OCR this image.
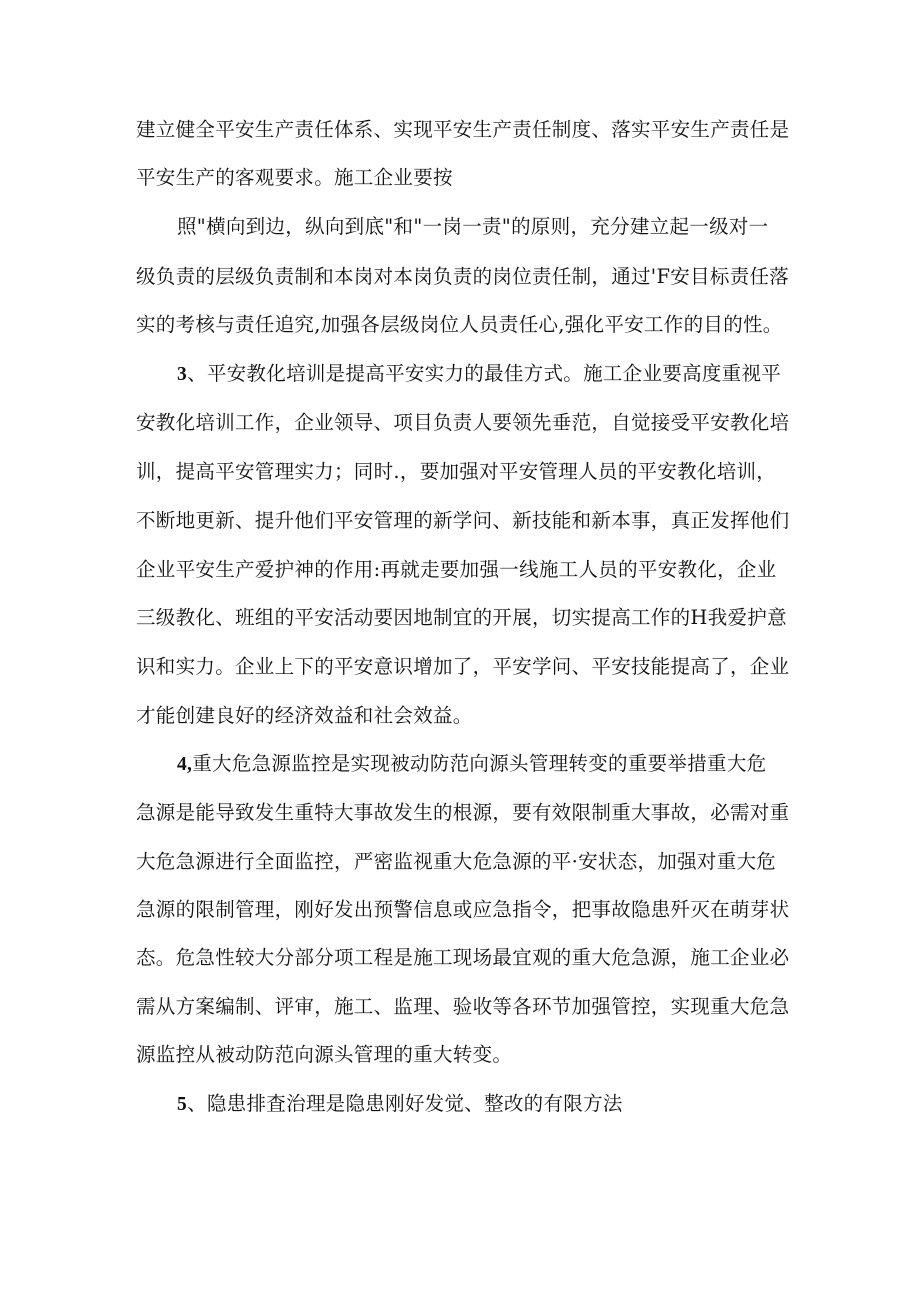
建立健全平安生产责任体系、实现平安生产责任制度、落实平安生产责任是
平安生产的客观要求。施工企业要按
照"横向到边，纵向到底"和"一岗一责"的原则，充分建立起一级对一
级负责的层级负责制和本岗对本岗负责的岗位责任制，通过'F安目标责任落
实的考核与责任追究,加强各层级岗位人员责任心,强化平安工作的目的性。
3、平安教化培训是提高平安实力的最佳方式。施工企业要高度重视平
安教化培训工作，企业领导、项目负责人要领先垂范，自觉接受平安教化培
训，提高平安管理实力；同时.，要加强对平安管理人员的平安教化培训，
不断地更新、提升他们平安管理的新学问、新技能和新本事，真正发挥他们
企业平安生产爱护神的作用:再就走要加强一线施工人员的平安教化，企业
三级教化、班组的平安活动要因地制宜的开展，切实提高工作的H我爱护意
识和实力。企业上下的平安意识增加了，平安学问、平安技能提高了，企业
才能创建良好的经济效益和社会效益。
4,重大危急源监控是实现被动防范向源头管理转变的重要举措重大危
急源是能导致发生重特大事故发生的根源，要有效限制重大事故，必需对重
大危急源进行全面监控，严密监视重大危急源的平·安状态，加强对重大危
急源的限制管理，刚好发出预警信息或应急指令，把事故隐患歼灭在萌芽状
态。危急性较大分部分项工程是施工现场最宜观的重大危急源，施工企业必
需从方案编制、评审，施工、监理、验收等各环节加强管控，实现重大危急
源监控从被动防范向源头管理的重大转变。
5、隐患排査治理是隐患刚好发觉、整改的有限方法
